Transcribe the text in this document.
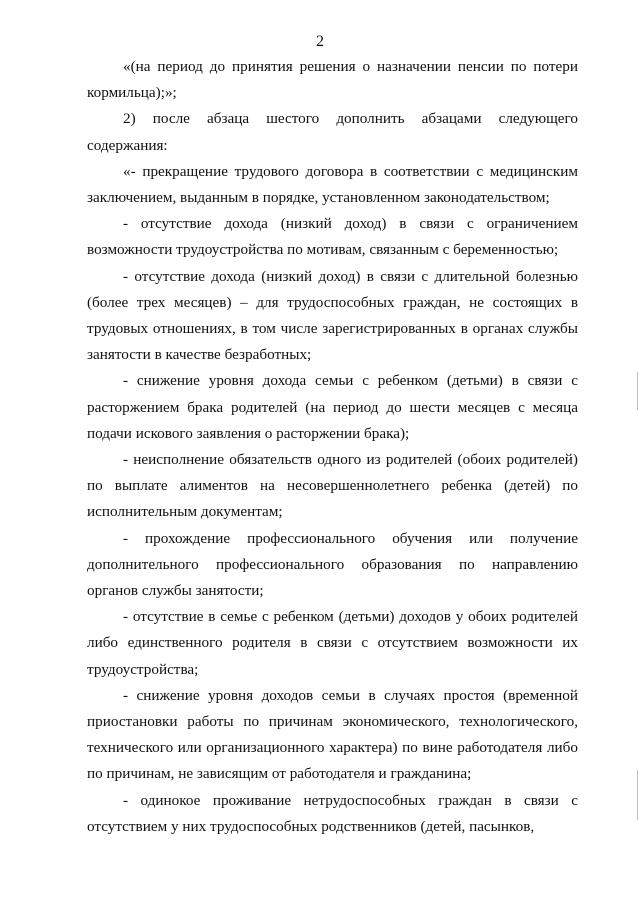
2

«(на период до принятия решения о назначении пенсии по потери кормильца);»;

2) после абзаца шестого дополнить абзацами следующего содержания:

«- прекращение трудового договора в соответствии с медицинским заключением, выданным в порядке, установленном законодательством;

- отсутствие дохода (низкий доход) в связи с ограничением возможности трудоустройства по мотивам, связанным с беременностью;

- отсутствие дохода (низкий доход) в связи с длительной болезнью (более трех месяцев) – для трудоспособных граждан, не состоящих в трудовых отношениях, в том числе зарегистрированных в органах службы занятости в качестве безработных;

- снижение уровня дохода семьи с ребенком (детьми) в связи с расторжением брака родителей (на период до шести месяцев с месяца подачи искового заявления о расторжении брака);

- неисполнение обязательств одного из родителей (обоих родителей) по выплате алиментов на несовершеннолетнего ребенка (детей) по исполнительным документам;

- прохождение профессионального обучения или получение дополнительного профессионального образования по направлению органов службы занятости;

- отсутствие в семье с ребенком (детьми) доходов у обоих родителей либо единственного родителя в связи с отсутствием возможности их трудоустройства;

- снижение уровня доходов семьи в случаях простоя (временной приостановки работы по причинам экономического, технологического, технического или организационного характера) по вине работодателя либо по причинам, не зависящим от работодателя и гражданина;

- одинокое проживание нетрудоспособных граждан в связи с отсутствием у них трудоспособных родственников (детей, пасынков,
